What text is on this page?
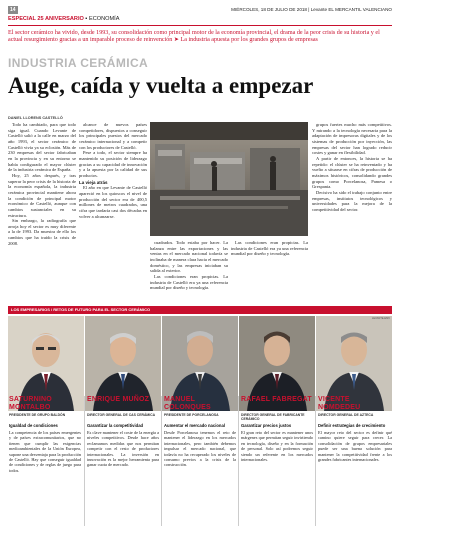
14	MIÉRCOLES, 18 DE JULIO DE 2018 | Levante EL MERCANTIL VALENCIANO
ESPECIAL 25 ANIVERSARIO ▪ ECONOMÍA
El sector cerámico ha vivido, desde 1993, su consolidación como principal motor de la economía provincial, el drama de la peor crisis de su historia y el actual resurgimiento gracias a un imparable proceso de reinvención ➤ La industria apuesta por los grandes grupos de empresas
INDUSTRIA CERÁMICA
Auge, caída y vuelta a empezar
DANIEL LLORENS CASTELLÓ

Todo ha cambiado, para que todo siga igual. Cuando Levante de Castelló salió a la calle en marzo del año 1993, el sector cerámico de Castelló vivía ya su eclosión. Más de 230 empresas del sector fabricaban en la provincia y en su entorno se había configurado el mayor clúster de la industria cerámica de España.

Hoy, 25 años después, y tras superar la peor crisis de la historia de la economía española, la industria cerámica provincial mantiene ahora la condición de principal motor económico de Castelló, aunque con cambios sustanciales en su estructura.

Sin embargo, la radiografía que arroja hoy el sector es muy diferente a la de 1993. Da muestra de ello los cambios que ha traído la crisis de 2008.

alcance de nuevos países competidores, dispuestos a conseguir los principales puestos del mercado cerámico internacional y a competir con los productores de Castelló.

Pese a todo, el sector siempre ha mantenido su posición de liderazgo gracias a su capacidad de innovación y a la apuesta por la calidad de sus productos.

La vieja atrás

El año en que Levante de Castelló apareció en los quioscos el nivel de producción del sector era de 400,5 millones de metros cuadrados, una cifra que tardaría casi dos décadas en volver a alcanzarse.

Imagen de la planta de producción de Porcelanosa.
LEVANTE-EMV

cuadrados. Todo estaba por hacer. La balanza entre las exportaciones y las ventas en el mercado nacional todavía se inclinaba de manera clara hacia el mercado doméstico, y las empresas iniciaban su salida al exterior.

Las condiciones eran propicias. La industria de Castelló era ya una referencia mundial por diseño y tecnología.

Las condiciones eran propicias. La industria de Castelló era ya una referencia mundial por diseño y tecnología.

grupos fuertes mucho más competitivos. Y mirando a la tecnología necesaria para la adaptación de impresoras digitales y de los sistemas de producción por inyección, las empresas del sector han logrado reducir costes y ganar en flexibilidad.

A partir de entonces, la historia se ha repetido: el clúster se ha reinventado y ha vuelto a situarse en cifras de producción de máximos históricos, consolidando grandes grupos como Porcelanosa, Pamesa o Grespania.

Decisivo ha sido el trabajo conjunto entre empresas, institutos tecnológicos y universidades para la mejora de la competitividad del sector.

LOS EMPRESARIOS / RETOS DE FUTURO PARA EL SECTOR CERÁMICO
LEVANTE-EMV
SATURNINO MONTALBO
PRESIDENTE DE GRUPO BALDÓN
Igualdad de condiciones
La competencia de los países emergentes y de países extracomunitarios, que no tienen que cumplir las exigencias medioambientales de la Unión Europea, supone una desventaja para la producción de Castelló. Hay que conseguir igualdad de condiciones y de reglas de juego para todos.
ENRIQUE MUÑOZ
DIRECTOR GENERAL DE CAS CERÁMICA
Garantizar la competitividad
Es clave mantener el coste de la energía a niveles competitivos. Desde hace años reclamamos medidas que nos permitan competir con el resto de productores internacionales. La inversión en innovación es la mejor herramienta para ganar cuota de mercado.
MANUEL COLONQUES
PRESIDENTE DE PORCELANOSA
Aumentar el mercado nacional
Desde Porcelanosa tenemos el reto de mantener el liderazgo en los mercados internacionales, pero también debemos impulsar el mercado nacional, que todavía no ha recuperado los niveles de consumo previos a la crisis de la construcción.
RAFAEL FABREGAT
DIRECTOR GENERAL DE FABRICANTE CERÁMICO
Garantizar precios justos
El gran reto del sector es mantener unos márgenes que permitan seguir invirtiendo en tecnología, diseño y en la formación de personal. Solo así podremos seguir siendo un referente en los mercados internacionales.
VICENTE NOMDEDEU
DIRECTOR GENERAL DE AZTECA
Definir estrategias de crecimiento
El mayor reto del sector es definir qué camino quiere seguir para crecer. La consolidación de grupos empresariales puede ser una buena solución para mantener la competitividad frente a los grandes fabricantes internacionales.
